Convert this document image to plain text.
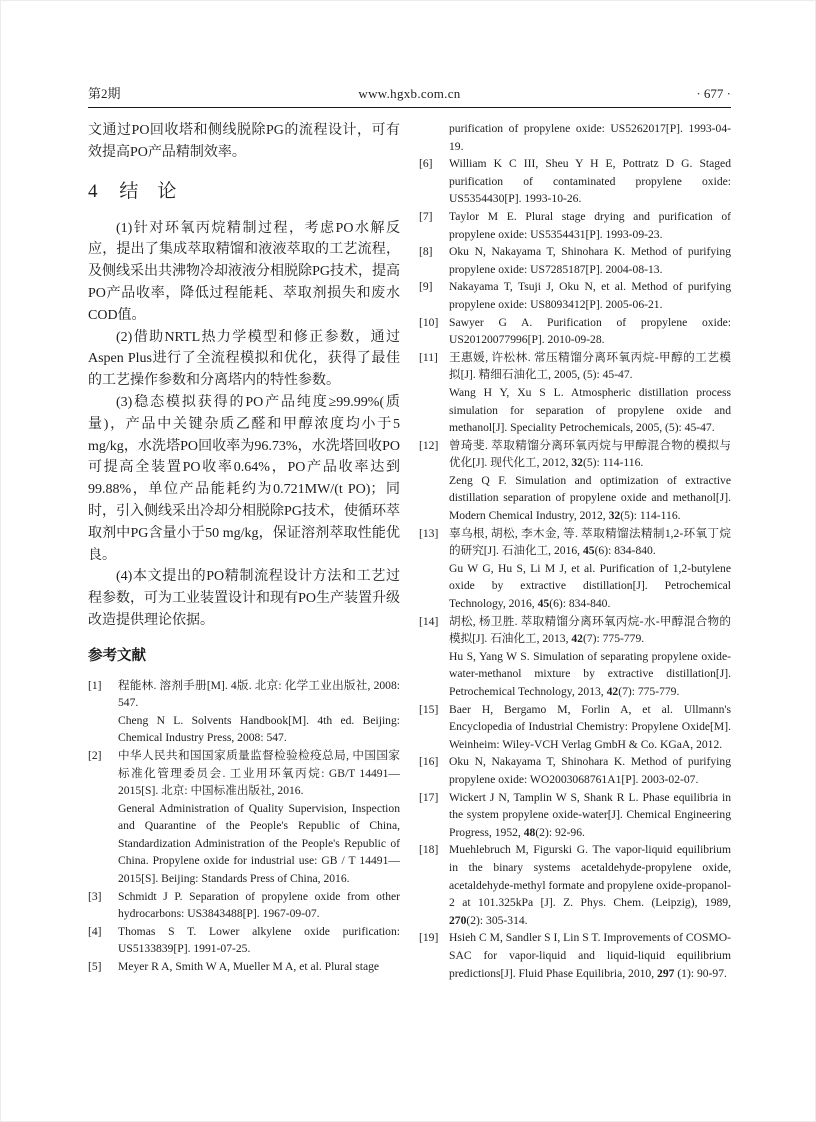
第2期	www.hgxb.com.cn	· 677 ·

文通过PO回收塔和侧线脱除PG的流程设计，可有效提高PO产品精制效率。

4 结　论

(1)针对环氧丙烷精制过程，考虑PO水解反应，提出了集成萃取精馏和液液萃取的工艺流程，及侧线采出共沸物冷却液液分相脱除PG技术，提高PO产品收率，降低过程能耗、萃取剂损失和废水COD值。

(2)借助NRTL热力学模型和修正参数，通过Aspen Plus进行了全流程模拟和优化，获得了最佳的工艺操作参数和分离塔内的特性参数。

(3)稳态模拟获得的PO产品纯度≥99.99%(质量)，产品中关键杂质乙醛和甲醇浓度均小于5 mg/kg，水洗塔PO回收率为96.73%，水洗塔回收PO可提高全装置PO收率0.64%，PO产品收率达到99.88%，单位产品能耗约为0.721MW/(t PO)；同时，引入侧线采出冷却分相脱除PG技术，使循环萃取剂中PG含量小于50 mg/kg，保证溶剂萃取性能优良。

(4)本文提出的PO精制流程设计方法和工艺过程参数，可为工业装置设计和现有PO生产装置升级改造提供理论依据。

参考文献
[1]	程能林. 溶剂手册[M]. 4版. 北京: 化学工业出版社, 2008: 547.

Cheng N L. Solvents Handbook[M]. 4th ed. Beijing: Chemical Industry Press, 2008: 547.

[2]	中华人民共和国国家质量监督检验检疫总局, 中国国家标准化管理委员会. 工业用环氧丙烷: GB/T 14491—2015[S]. 北京: 中国标准出版社, 2016.

General Administration of Quality Supervision, Inspection and Quarantine of the People's Republic of China, Standardization Administration of the People's Republic of China. Propylene oxide for industrial use: GB / T 14491—2015[S]. Beijing: Standards Press of China, 2016.

[3]	Schmidt J P. Separation of propylene oxide from other hydrocarbons: US3843488[P]. 1967-09-07.

[4]	Thomas S T. Lower alkylene oxide purification: US5133839[P]. 1991-07-25.

[5]	Meyer R A, Smith W A, Mueller M A, et al. Plural stage

purification of propylene oxide: US5262017[P]. 1993-04-19.

[6]	William K C III, Sheu Y H E, Pottratz D G. Staged purification of contaminated propylene oxide: US5354430[P]. 1993-10-26.

[7]	Taylor M E. Plural stage drying and purification of propylene oxide: US5354431[P]. 1993-09-23.

[8]	Oku N, Nakayama T, Shinohara K. Method of purifying propylene oxide: US7285187[P]. 2004-08-13.

[9]	Nakayama T, Tsuji J, Oku N, et al. Method of purifying propylene oxide: US8093412[P]. 2005-06-21.

[10] Sawyer G A. Purification of propylene oxide: US20120077996[P]. 2010-09-28.

[11] 王惠媛, 许松林. 常压精馏分离环氧丙烷-甲醇的工艺模拟[J]. 精细石油化工, 2005, (5): 45-47.

Wang H Y, Xu S L. Atmospheric distillation process simulation for separation of propylene oxide and methanol[J]. Speciality Petrochemicals, 2005, (5): 45-47.

[12] 曾琦斐. 萃取精馏分离环氧丙烷与甲醇混合物的模拟与优化[J]. 现代化工, 2012, 32(5): 114-116.

Zeng Q F. Simulation and optimization of extractive distillation separation of propylene oxide and methanol[J]. Modern Chemical Industry, 2012, 32(5): 114-116.

[13] 辜乌根, 胡松, 李木金, 等. 萃取精馏法精制1,2-环氧丁烷的研究[J]. 石油化工, 2016, 45(6): 834-840.

Gu W G, Hu S, Li M J, et al. Purification of 1,2-butylene oxide by extractive distillation[J]. Petrochemical Technology, 2016, 45(6): 834-840.

[14] 胡松, 杨卫胜. 萃取精馏分离环氧丙烷-水-甲醇混合物的模拟[J]. 石油化工, 2013, 42(7): 775-779.

Hu S, Yang W S. Simulation of separating propylene oxide-water-methanol mixture by extractive distillation[J]. Petrochemical Technology, 2013, 42(7): 775-779.

[15] Baer H, Bergamo M, Forlin A, et al. Ullmann's Encyclopedia of Industrial Chemistry: Propylene Oxide[M]. Weinheim: Wiley-VCH Verlag GmbH & Co. KGaA, 2012.

[16] Oku N, Nakayama T, Shinohara K. Method of purifying propylene oxide: WO2003068761A1[P]. 2003-02-07.

[17] Wickert J N, Tamplin W S, Shank R L. Phase equilibria in the system propylene oxide-water[J]. Chemical Engineering Progress, 1952, 48(2): 92-96.

[18] Muehlebruch M, Figurski G. The vapor-liquid equilibrium in the binary systems acetaldehyde-propylene oxide, acetaldehyde-methyl formate and propylene oxide-propanol-2 at 101.325kPa [J]. Z. Phys. Chem. (Leipzig), 1989, 270(2): 305-314.

[19] Hsieh C M, Sandler S I, Lin S T. Improvements of COSMO-SAC for vapor-liquid and liquid-liquid equilibrium predictions[J]. Fluid Phase Equilibria, 2010, 297 (1): 90-97.
